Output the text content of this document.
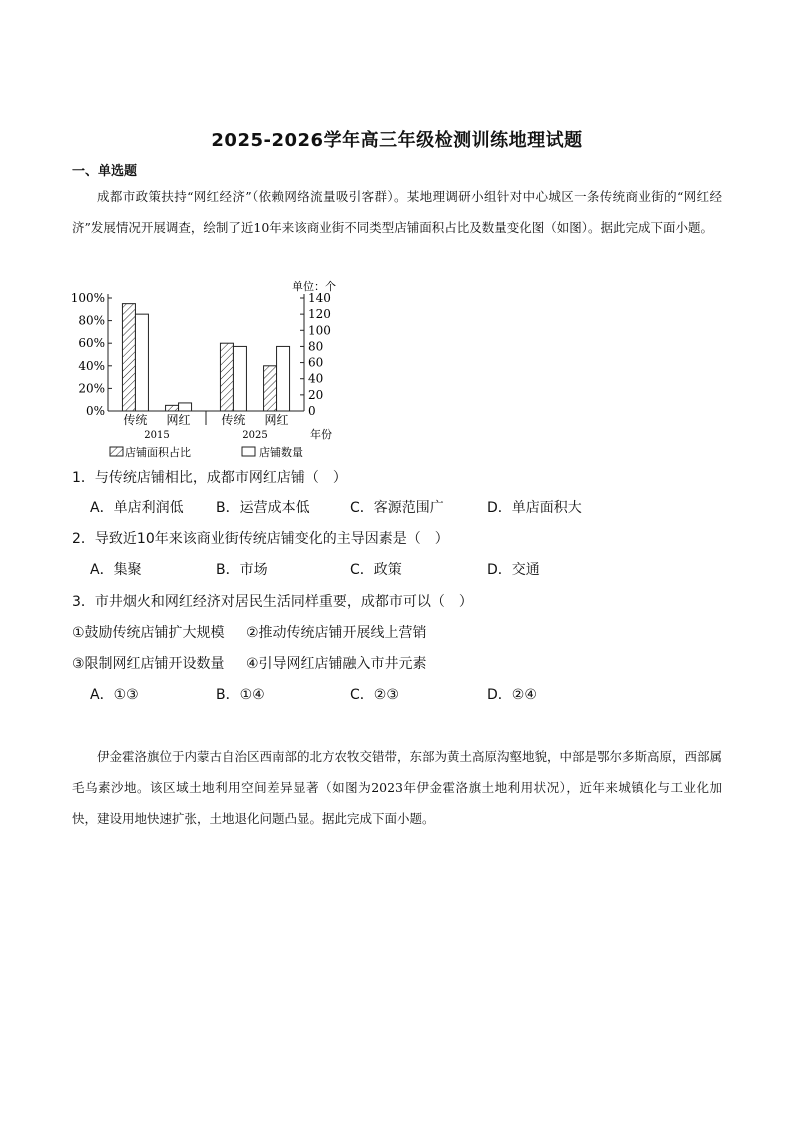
2025-2026学年高三年级检测训练地理试题
一、单选题
成都市政策扶持“网红经济”（依赖网络流量吸引客群）。某地理调研小组针对中心城区一条传统商业街的“网红经济”发展情况开展调查，绘制了近10年来该商业街不同类型店铺面积占比及数量变化图（如图）。据此完成下面小题。
0%
20%
40%
60%
80%
100%
0
20
40
60
80
100
120
140
单位：个
传统 网红
2015
传统 网红
2025	年份
店铺面积占比	店铺数量
1．与传统店铺相比，成都市网红店铺（　）
A．单店利润低 B．运营成本低	C．客源范围广	D．单店面积大
2．导致近10年来该商业街传统店铺变化的主导因素是（　）
A．集聚	B．市场	C．政策	D．交通
3．市井烟火和网红经济对居民生活同样重要，成都市可以（　）
①鼓励传统店铺扩大规模 ②推动传统店铺开展线上营销
③限制网红店铺开设数量 ④引导网红店铺融入市井元素
A．①③	B．①④	C．②③	D．②④
伊金霍洛旗位于内蒙古自治区西南部的北方农牧交错带，东部为黄土高原沟壑地貌，中部是鄂尔多斯高原，西部属毛乌素沙地。该区域土地利用空间差异显著（如图为2023年伊金霍洛旗土地利用状况），近年来城镇化与工业化加快，建设用地快速扩张，土地退化问题凸显。据此完成下面小题。
